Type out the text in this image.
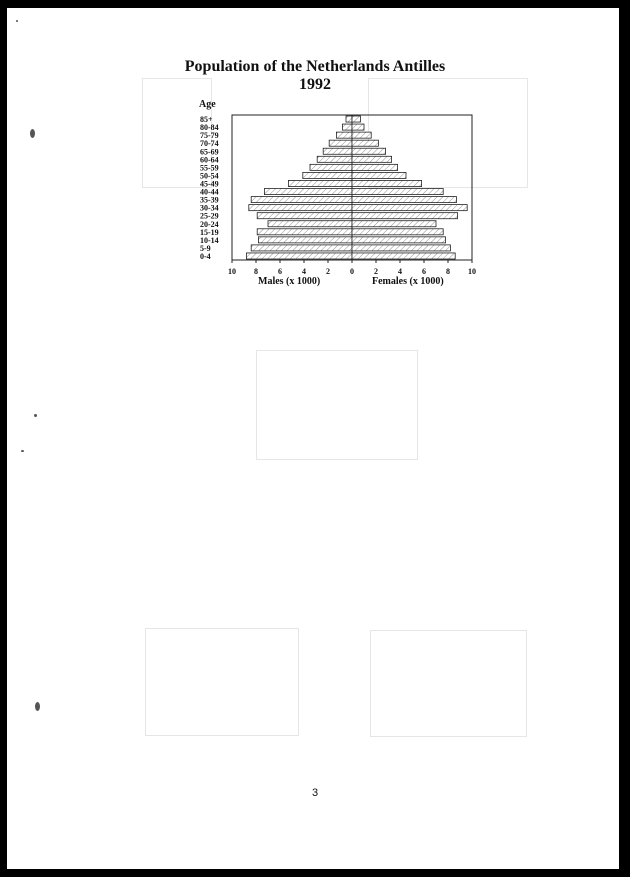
Population of the Netherlands Antilles
1992
Age
0-4
5-9
10-14
15-19
20-24
25-29
30-34
35-39
40-44
45-49
50-54
55-59
60-64
65-69
70-74
75-79
80-84
85+
10 8	6	4	2	0	2	4	6	8 10
Males (x 1000)	Females (x 1000)
3
